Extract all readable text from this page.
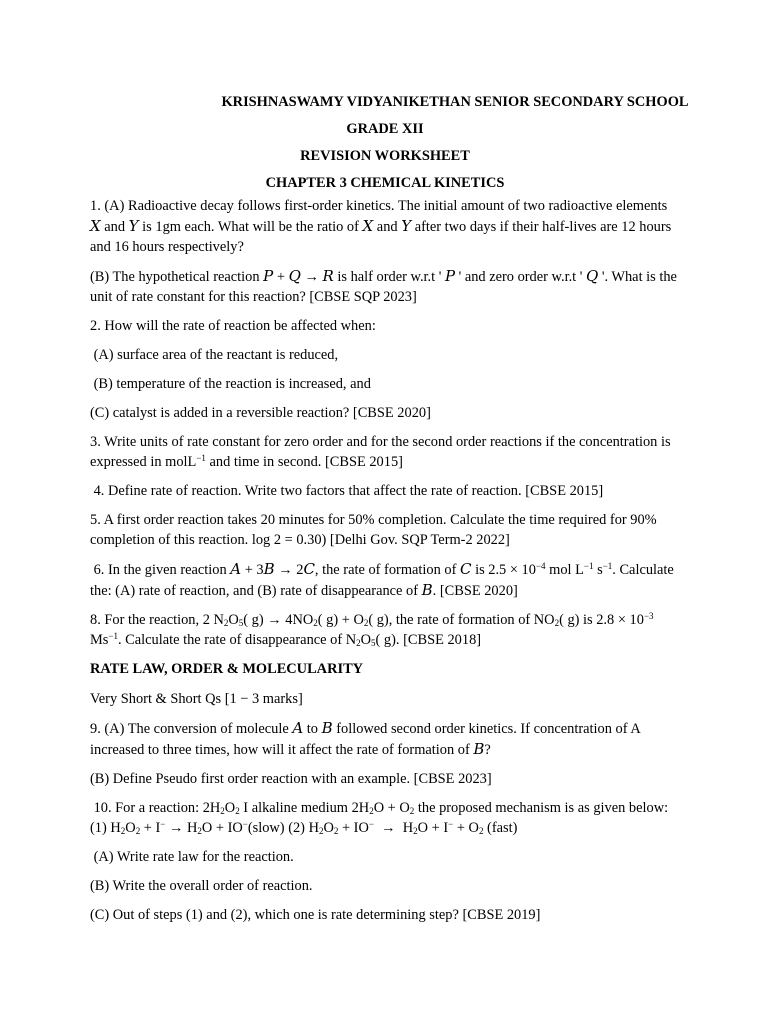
KRISHNASWAMY VIDYANIKETHAN SENIOR SECONDARY SCHOOL

GRADE XII

REVISION WORKSHEET

CHAPTER 3 CHEMICAL KINETICS

1. (A) Radioactive decay follows first-order kinetics. The initial amount of two radioactive elements X and Y is 1gm each. What will be the ratio of X and Y after two days if their half-lives are 12 hours and 16 hours respectively?

(B) The hypothetical reaction P + Q → R is half order w.r.t ' P ' and zero order w.r.t ' Q '. What is the unit of rate constant for this reaction? [CBSE SQP 2023]

2. How will the rate of reaction be affected when:

(A) surface area of the reactant is reduced,

(B) temperature of the reaction is increased, and

(C) catalyst is added in a reversible reaction? [CBSE 2020]

3. Write units of rate constant for zero order and for the second order reactions if the concentration is expressed in molL$^{-1}$ and time in second. [CBSE 2015]

4. Define rate of reaction. Write two factors that affect the rate of reaction. [CBSE 2015]

5. A first order reaction takes 20 minutes for 50% completion. Calculate the time required for 90% completion of this reaction. log 2 = 0.30) [Delhi Gov. SQP Term-2 2022]

6. In the given reaction A + 3B → 2C, the rate of formation of C is $2.5 \times 10^{-4}$ mol $L^{-1}$ $s^{-1}$. Calculate the: (A) rate of reaction, and (B) rate of disappearance of B. [CBSE 2020]

8. For the reaction, 2 $N_2O_5$( $g) \to 4NO_2$( $g) + O_2$( g), the rate of formation of $NO_2$( g) is $2.8 \times 10^{-3}$ $Ms^{-1}$. Calculate the rate of disappearance of $N_2O_5$( g). [CBSE 2018]

RATE LAW, ORDER & MOLECULARITY

Very Short & Short Qs [1 − 3 marks]

9. (A) The conversion of molecule A to B followed second order kinetics. If concentration of A increased to three times, how will it affect the rate of formation of B?

(B) Define Pseudo first order reaction with an example. [CBSE 2023]

10. For a reaction: $2H_2O_2$ I alkaline medium $2H_2O + O_2$ the proposed mechanism is as given below: (1) $H_2O_2 + I^- \to H_2O$ + IO−(slow) (2) $H_2O_2 + IO^- \to H_2O + I^- + O_2$ (fast)

(A) Write rate law for the reaction.

(B) Write the overall order of reaction.

(C) Out of steps (1) and (2), which one is rate determining step? [CBSE 2019]
